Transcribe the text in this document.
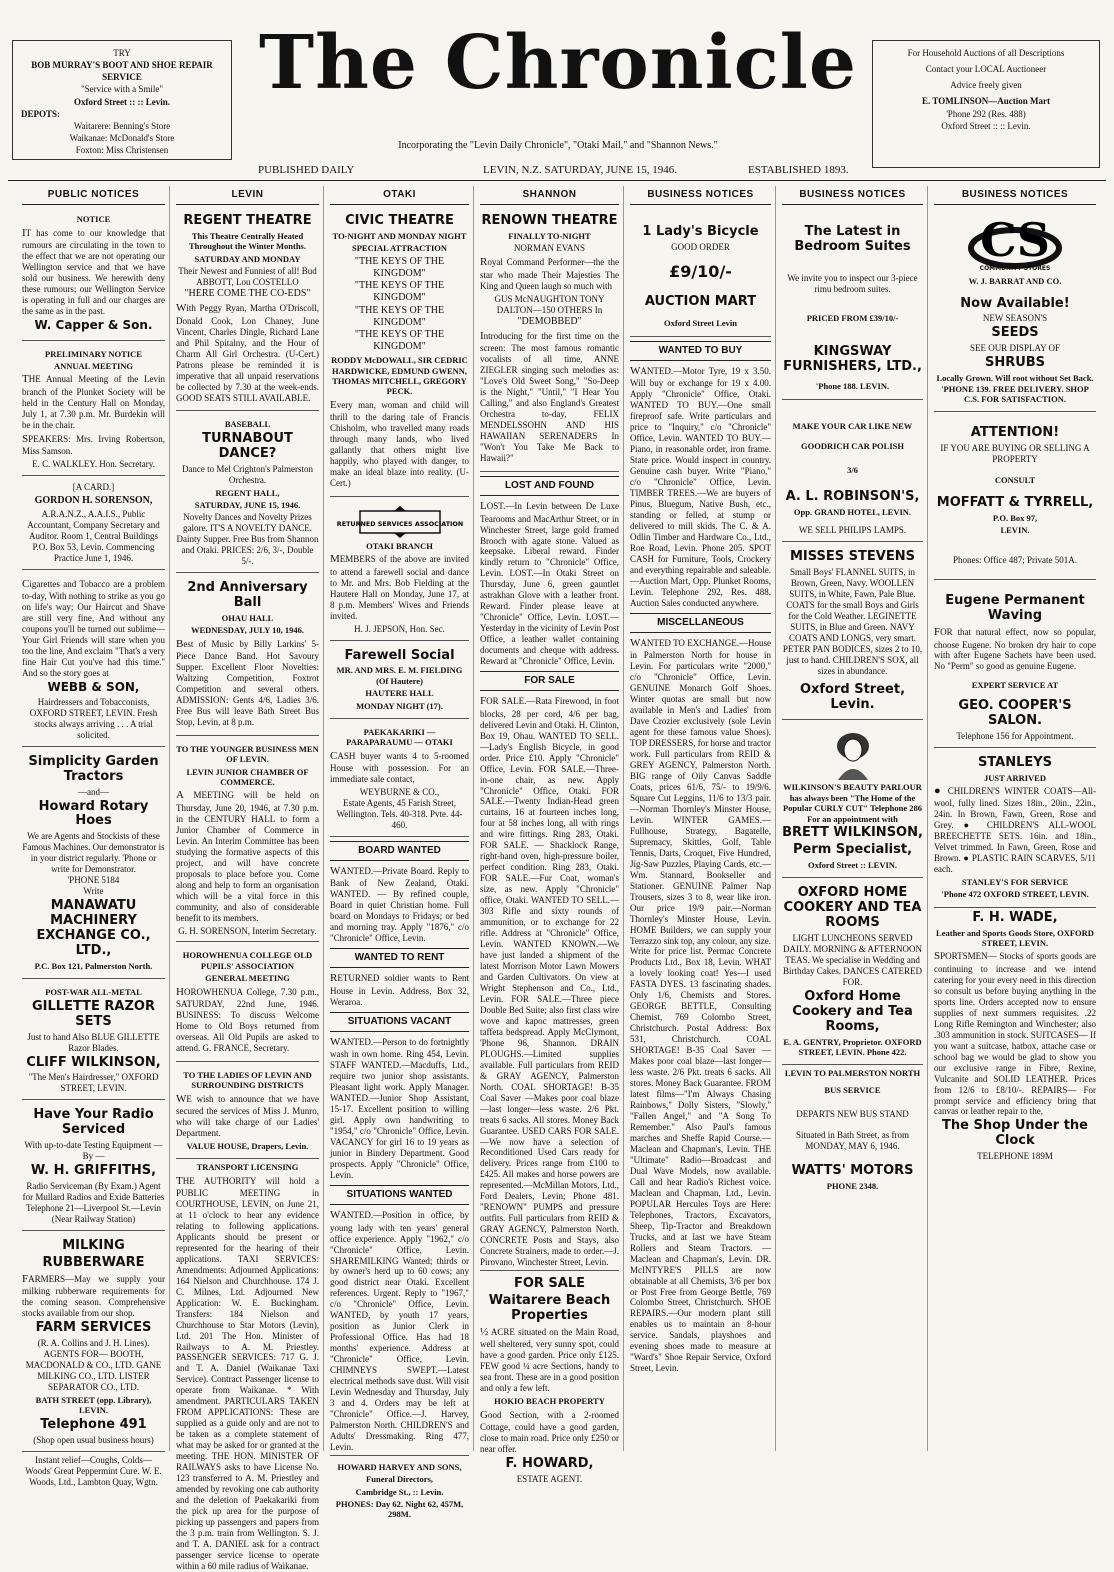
TRY
BOB MURRAY'S BOOT AND SHOE REPAIR SERVICE
"Service with a Smile"
Oxford Street :: :: Levin.
DEPOTS:
Waitarere: Benning's Store
Waikanae: McDonald's Store
Foxton: Miss Christensen
The Chronicle
Incorporating the "Levin Daily Chronicle", "Otaki Mail," and "Shannon News."
PUBLISHED DAILY	LEVIN, N.Z. SATURDAY, JUNE 15, 1946.	ESTABLISHED 1893.
For Household Auctions of all Descriptions
Contact your LOCAL Auctioneer
Advice freely given
E. TOMLINSON—Auction Mart
'Phone 292 (Res. 488)
Oxford Street :: :: Levin.
PUBLIC NOTICES
NOTICE
IT has come to our knowledge that rumours are circulating in the town to the effect that we are not operating our Wellington service and that we have sold our business. We herewith deny these rumours; our Wellington Service is operating in full and our charges are the same as in the past.
W. Capper & Son.
PRELIMINARY NOTICE
ANNUAL MEETING
THE Annual Meeting of the Levin branch of the Plunket Society will be held in the Century Hall on Monday, July 1, at 7.30 p.m. Mr. Burdekin will be in the chair.
SPEAKERS: Mrs. Irving Robertson, Miss Samson.
E. C. WALKLEY. Hon. Secretary.
[A CARD.]
GORDON H. SORENSON,
A.R.A.N.Z., A.A.I.S., Public Accountant, Company Secretary and Auditor. Room 1, Central Buildings P.O. Box 53, Levin. Commencing Practice June 1, 1946.
Cigarettes and Tobacco are a problem to-day, With nothing to strike as you go on life's way; Our Haircut and Shave are still very fine, And without any coupons you'll be turned out sublime— Your Girl Friends will stare when you too the line, And exclaim "That's a very fine Hair Cut you've had this time." And so the story goes at
WEBB & SON,
Hairdressers and Tobacconists, OXFORD STREET, LEVIN. Fresh stocks always arriving . . . A trial solicited.
Simplicity Garden Tractors
—and—
Howard Rotary Hoes
We are Agents and Stockists of these Famous Machines. Our demonstrator is in your district regularly. 'Phone or write for Demonstrator.
'PHONE 5184
Write
MANAWATU MACHINERY EXCHANGE CO., LTD.,
P.C. Box 121, Palmerston North.
POST-WAR ALL-METAL
GILLETTE RAZOR SETS
Just to hand Also BLUE GILLETTE Razor Blades.
CLIFF WILKINSON,
"The Men's Hairdresser," OXFORD STREET, LEVIN.
Have Your Radio Serviced
With up-to-date Testing Equipment — By —
W. H. GRIFFITHS,
Radio Serviceman (By Exam.) Agent for Mullard Radios and Exide Batteries Telephone 21—Liverpool St.—Levin (Near Railway Station)
MILKING
RUBBERWARE
FARMERS—May we supply your milking rubberware requirements for the coming season. Comprehensive stocks available from our shop.
FARM SERVICES
(R. A. Collins and J. H. Lines).
AGENTS FOR— BOOTH, MACDONALD & CO., LTD. GANE MILKING CO., LTD. LISTER SEPARATOR CO., LTD.
BATH STREET (opp. Library), LEVIN.
Telephone 491
(Shop open usual business hours)
Instant relief—Coughs, Colds— Woods' Great Peppermint Cure. W. E. Woods, Ltd., Lambton Quay, Wgtn.
LEVIN
REGENT THEATRE
This Theatre Centrally Heated Throughout the Winter Months.
SATURDAY AND MONDAY
Their Newest and Funniest of all! Bud ABBOTT, Lou COSTELLO
"HERE COME THE CO-EDS"
With Peggy Ryan, Martha O'Driscoll, Donald Cook, Lon Chaney, June Vincent, Charles Dingle, Richard Lane and Phil Spitalny, and the Hour of Charm All Girl Orchestra. (U-Cert.) Patrons please be reminded it is imperative that all unpaid reservations be collected by 7.30 at the week-ends. GOOD SEATS STILL AVAILABLE.
BASEBALL
TURNABOUT DANCE?
Dance to Mel Crighton's Palmerston Orchestra.
REGENT HALL,
SATURDAY, JUNE 15, 1946.
Novelty Dances and Novelty Prizes galore. IT'S A NOVELTY DANCE. Dainty Supper. Free Bus from Shannon and Otaki. PRICES: 2/6, 3/-, Double 5/-.
2nd Anniversary Ball
OHAU HALL
WEDNESDAY, JULY 10, 1946.
Best of Music by Billy Larkins' 5-Piece Dance Band. Hot Savoury Supper. Excellent Floor Novelties: Waltzing Competition, Foxtrot Competition and several others. ADMISSION: Gents 4/6, Ladies 3/6. Free Bus will leave Bath Street Bus Stop, Levin, at 8 p.m.
TO THE YOUNGER BUSINESS MEN OF LEVIN.
LEVIN JUNIOR CHAMBER OF COMMERCE.
A MEETING will be held on Thursday, June 20, 1946, at 7.30 p.m. in the CENTURY HALL to form a Junior Chamber of Commerce in Levin. An Interim Committee has been studying the formative aspects of this project, and will have concrete proposals to place before you. Come along and help to form an organisation which will be a vital force in this community, and also of considerable benefit to its members.
G. H. SORENSON, Interim Secretary.
HOROWHENUA COLLEGE OLD PUPILS' ASSOCIATION
GENERAL MEETING
HOROWHENUA College, 7.30 p.m., SATURDAY, 22nd June, 1946. BUSINESS: To discuss Welcome Home to Old Boys returned from overseas. All Old Pupils are asked to attend. G. FRANCE, Secretary.
TO THE LADIES OF LEVIN AND SURROUNDING DISTRICTS
WE wish to announce that we have secured the services of Miss J. Munro, who will take charge of our Ladies' Department.
VALUE HOUSE, Drapers, Levin.
TRANSPORT LICENSING
THE AUTHORITY will hold a PUBLIC MEETING in COURTHOUSE, LEVIN, on June 21, at 11 o'clock to hear any evidence relating to following applications. Applicants should be present or represented for the hearing of their applications. TAXI SERVICES: Amendments: Adjourned Applications: 164 Nielson and Churchhouse. 174 J. C. Milnes, Ltd. Adjourned New Application: W. E. Buckingham. Transfers: 184 Nielson and Churchhouse to Star Motors (Levin), Ltd. 201 The Hon. Minister of Railways to A. M. Priestley. PASSENGER SERVICES: 717 G. J. and T. A. Daniel (Waikanae Taxi Service). Contract Passenger license to operate from Waikanae. * With amendment. PARTICULARS TAKEN FROM APPLICATIONS: These are supplied as a guide only and are not to be taken as a complete statement of what may be asked for or granted at the meeting. THE HON. MINISTER OF RAILWAYS asks to have License No. 123 transferred to A. M. Priestley and amended by revoking one cab authority and the deletion of Paekakariki from the pick up area for the purpose of picking up passengers and papers from the 3 p.m. train from Wellington. S. J. and T. A. DANIEL ask for a contract passenger service license to operate within a 60 mile radius of Waikanae.
OTAKI
CIVIC THEATRE
TO-NIGHT AND MONDAY NIGHT
SPECIAL ATTRACTION
"THE KEYS OF THE KINGDOM"
"THE KEYS OF THE KINGDOM"
"THE KEYS OF THE KINGDOM"
"THE KEYS OF THE KINGDOM"
RODDY McDOWALL, SIR CEDRIC HARDWICKE, EDMUND GWENN, THOMAS MITCHELL, GREGORY PECK.
Every man, woman and child will thrill to the daring tale of Francis Chisholm, who travelled many roads through many lands, who lived gallantly that others might live happily, who played with danger, to make an ideal blaze into reality. (U-Cert.)
RETURNED SERVICES ASSOCIATION
OTAKI BRANCH
MEMBERS of the above are invited to attend a farewell social and dance to Mr. and Mrs. Bob Fielding at the Hautere Hall on Monday, June 17, at 8 p.m. Members' Wives and Friends invited.
H. J. JEPSON, Hon. Sec.
Farewell Social
MR. AND MRS. E. M. FIELDING (Of Hautere)
HAUTERE HALL
MONDAY NIGHT (17).
PAEKAKARIKI — PARAPARAUMU — OTAKI
CASH buyer wants 4 to 5-roomed House with possession. For an immediate sale contact,
WEYBURNE & CO.,
Estate Agents, 45 Farish Street, Wellington. Tels. 40-318. Pvte. 44-460.
BOARD WANTED
WANTED.—Private Board. Reply to Bank of New Zealand, Otaki. WANTED. — By refined couple, Board in quiet Christian home. Full board on Mondays to Fridays; or bed and morning tray. Apply "1876," c/o "Chronicle" Office, Levin.
WANTED TO RENT
RETURNED soldier wants to Rent House in Levin. Address, Box 32, Weraroa.
SITUATIONS VACANT
WANTED.—Person to do fortnightly wash in own home. Ring 454, Levin. STAFF WANTED.—Macduffs, Ltd., require two junior shop assistants. Pleasant light work. Apply Manager. WANTED.—Junior Shop Assistant, 15-17. Excellent position to willing girl. Apply own handwriting to "1954," c/o "Chronicle" Office, Levin. VACANCY for girl 16 to 19 years as junior in Bindery Department. Good prospects. Apply "Chronicle" Office, Levin.
SITUATIONS WANTED
WANTED.—Position in office, by young lady with ten years' general office experience. Apply "1962," c/o "Chronicle" Office, Levin. SHAREMILKING Wanted; thirds or by owner's herd up to 60 cows; any good district near Otaki. Excellent references. Urgent. Reply to "1967," c/o "Chronicle" Office, Levin. WANTED, by youth 17 years, position as Junior Clerk in Professional Office. Has had 18 months' experience. Address at "Chronicle" Office, Levin. CHIMNEYS SWEPT.—Latest electrical methods save dust. Will visit Levin Wednesday and Thursday, July 3 and 4. Orders may be left at "Chronicle" Office.—J. Harvey, Palmerston North. CHILDREN'S and Adults' Dressmaking. Ring 477, Levin.
HOWARD HARVEY AND SONS,
Funeral Directors,
Cambridge St., :: Levin.
PHONES: Day 62. Night 62, 457M, 298M.
SHANNON
RENOWN THEATRE
FINALLY TO-NIGHT
NORMAN EVANS
Royal Command Performer—the the star who made Their Majesties The King and Queen laugh so much with
GUS McNAUGHTON TONY DALTON—150 OTHERS In
"DEMOBBED"
Introducing for the first time on the screen: The most famous romantic vocalists of all time, ANNE ZIEGLER singing such melodies as: "Love's Old Sweet Song," "So-Deep is the Night," "Until," "I Hear You Calling," and also England's Greatest Orchestra to-day, FELIX MENDELSSOHN AND HIS HAWAIIAN SERENADERS In "Won't You Take Me Back to Hawaii?"
LOST AND FOUND
LOST.—In Levin between De Luxe Tearooms and MacArthur Street, or in Winchester Street, large gold framed Brooch with agate stone. Valued as keepsake. Liberal reward. Finder kindly return to "Chronicle" Office, Levin. LOST.—In Otaki Street on Thursday, June 6, green gauntlet astrakhan Glove with a leather front. Reward. Finder please leave at "Chronicle" Office, Levin. LOST.—Yesterday in the vicinity of Levin Post Office, a leather wallet containing documents and cheque with address. Reward at "Chronicle" Office, Levin.
FOR SALE
FOR SALE.—Rata Firewood, in foot blocks, 28 per cord, 4/6 per bag, delivered Levin and Otaki. H. Clinton, Box 19, Ohau. WANTED TO SELL.—Lady's English Bicycle, in good order. Price £10. Apply "Chronicle" Office, Levin. FOR SALE.—Three-in-one chair, as new. Apply "Chronicle" Office, Otaki. FOR SALE.—Twenty Indian-Head green curtains, 16 at fourteen inches long, four at 58 inches long, all with rings and wire fittings. Ring 283, Otaki. FOR SALE. — Shacklock Range, right-hand oven, high-pressure boiler, perfect condition. Ring 283, Otaki. FOR SALE.—Fur Coat, woman's size, as new. Apply "Chronicle" office, Otaki. WANTED TO SELL.— 303 Rifle and sixty rounds of ammunition, or to exchange for 22 rifle. Address at "Chronicle" Office, Levin. WANTED KNOWN.—We have just landed a shipment of the latest Morrison Motor Lawn Mowers and Garden Cultivators. On view at Wright Stephenson and Co., Ltd., Levin. FOR SALE.—Three piece Double Bed Suite; also first class wire wove and kapoc mattresses, green taffeta bedspread. Apply McClymont, 'Phone 96, Shannon. DRAIN PLOUGHS.—Limited supplies available. Full particulars from REID & GRAY AGENCY, Palmerston North. COAL SHORTAGE! B-35 Coal Saver —Makes poor coal blaze—last longer—less waste. 2/6 Pkt. treats 6 sacks. All stores. Money Back Guarantee. USED CARS FOR SALE.—We now have a selection of Reconditioned Used Cars ready for delivery. Prices range from £100 to £425. All makes and horse powers are represented.—McMillan Motors, Ltd., Ford Dealers, Levin; Phone 481. "RENOWN" PUMPS and pressure outfits. Full particulars from REID & GRAY AGENCY, Palmerston North. CONCRETE Posts and Stays, also Concrete Strainers, made to order.—J. Pirovano, Winchester Street, Levin.
FOR SALE
Waitarere Beach Properties
½ ACRE situated on the Main Road, well sheltered, very sunny spot, could have a good garden. Price only £125. FEW good ¼ acre Sections, handy to sea front. These are in a good position and only a few left.
HOKIO BEACH PROPERTY
Good Section, with a 2-roomed Cottage, could have a good garden, close to main road. Price only £250 or near offer.
F. HOWARD,
ESTATE AGENT.
BUSINESS NOTICES
1 Lady's Bicycle
GOOD ORDER
£9/10/-
AUCTION MART
Oxford Street Levin
WANTED TO BUY
WANTED.—Motor Tyre, 19 x 3.50. Will buy or exchange for 19 x 4.00. Apply "Chronicle" Office, Otaki. WANTED TO BUY.—One small fireproof safe. Write particulars and price to "Inquiry," c/o "Chronicle" Office, Levin. WANTED TO BUY.—Piano, in reasonable order, iron frame. State price. Would inspect in country. Genuine cash buyer. Write "Piano," c/o "Chronicle" Office, Levin. TIMBER TREES.—We are buyers of Pinus, Bluegum, Native Bush, etc., standing or felled, at stump or delivered to mill skids. The C. & A. Odlin Timber and Hardware Co., Ltd., Roe Road, Levin. Phone 205. SPOT CASH for Furniture, Tools, Crockery and everything repairable and saleable.—Auction Mart, Opp. Plunket Rooms, Levin. Telephone 292, Res. 488. Auction Sales conducted anywhere.
MISCELLANEOUS
WANTED TO EXCHANGE.—House in Palmerston North for house in Levin. For particulars write "2000," c/o "Chronicle" Office, Levin. GENUINE Monarch Golf Shoes. Winter quotas are small but now available in Men's and Ladies' from Dave Crozier exclusively (sole Levin agent for these famous value Shoes). TOP DRESSERS, for horse and tractor work. Full particulars from REID & GREY AGENCY, Palmerston North. BIG range of Oily Canvas Saddle Coats, prices 61/6, 75/- to 19/9/6. Square Cut Leggins, 11/6 to 13/3 pair.—Norman Thornley's Minster House, Levin. WINTER GAMES.—Fullhouse, Strategy, Bagatelle, Supremacy, Skittles, Golf, Table Tennis, Darts, Croquet, Five Hundred, Jig-Saw Puzzles, Playing Cards, etc.—Wm. Stannard, Bookseller and Stationer. GENUINE Palmer Nap Trousers, sizes 3 to 8, wear like iron. Our price 19/9 pair.—Norman Thornley's Minster House, Levin. HOME Builders, we can supply your Terrazzo sink top, any colour, any size. Write for price list. Permac Concrete Products Ltd., Box 18, Levin. WHAT a lovely looking coat! Yes—I used FASTA DYES. 13 fascinating shades. Only 1/6, Chemists and Stores. GEORGE BETTLE, Consulting Chemist, 769 Colombo Street, Christchurch. Postal Address: Box 531, Christchurch. COAL SHORTAGE! B-35 Coal Saver —Makes poor coal blaze—last longer—less waste. 2/6 Pkt. treats 6 sacks. All stores. Money Back Guarantee. FROM latest films—"I'm Always Chasing Rainbows," Dolly Sisters, "Slowly," "Fallen Angel," and "A Song To Remember." Also Paul's famous marches and Sheffe Rapid Course.—Maclean and Chapman's, Levin. THE "Ultimate" Radio—Broadcast and Dual Wave Models, now available. Call and hear Radio's Richest voice. Maclean and Chapman, Ltd., Levin. POPULAR Hercules Toys are Here: Telephones, Tractors, Excavators, Sheep, Tip-Tractor and Breakdown Trucks, and at last we have Steam Rollers and Steam Tractors. —Maclean and Chapman's, Levin. DR. McINTYRE'S PILLS are now obtainable at all Chemists, 3/6 per box or Post Free from George Bettle, 769 Colombo Street, Christchurch. SHOE REPAIRS.—Our modern plant still enables us to maintain an 8-hour service. Sandals, playshoes and evening shoes made to measure at "Ward's" Shoe Repair Service, Oxford Street, Levin.
BUSINESS NOTICES
The Latest in Bedroom Suites
We invite you to inspect our 3-piece rimu bedroom suites.
PRICED FROM £39/10/-
KINGSWAY FURNISHERS, LTD.,
'Phone 188. LEVIN.
MAKE YOUR CAR LIKE NEW
GOODRICH CAR POLISH
3/6
A. L. ROBINSON'S,
Opp. GRAND HOTEL, LEVIN.
WE SELL PHILIPS LAMPS.
MISSES STEVENS
Small Boys' FLANNEL SUITS, in Brown, Green, Navy. WOOLLEN SUITS, in White, Fawn, Pale Blue. COATS for the small Boys and Girls for the Cold Weather. LEGINETTE SUITS, in Blue and Green. NAVY COATS AND LONGS, very smart. PETER PAN BODICES, sizes 2 to 10, just to hand. CHILDREN'S SOX, all sizes in abundance.
Oxford Street, Levin.
WILKINSON'S BEAUTY PARLOUR has always been "The Home of the Popular CURLY CUT" Telephone 286 For an appointment with
BRETT WILKINSON,
Perm Specialist,
Oxford Street :: LEVIN.
OXFORD HOME COOKERY AND TEA ROOMS
LIGHT LUNCHEONS SERVED DAILY. MORNING & AFTERNOON TEAS. We specialise in Wedding and Birthday Cakes. DANCES CATERED FOR.
Oxford Home Cookery and Tea Rooms,
E. A. GENTRY, Proprietor. OXFORD STREET, LEVIN. Phone 422.
LEVIN TO PALMERSTON NORTH
BUS SERVICE
DEPARTS NEW BUS STAND
Situated in Bath Street, as from
MONDAY, MAY 6, 1946.
WATTS' MOTORS
PHONE 2348.
BUSINESS NOTICES
CS
COMMUNITY STORES
W. J. BARRAT AND CO.
Now Available!
NEW SEASON'S
SEEDS
SEE OUR DISPLAY OF
SHRUBS
Locally Grown. Will root without Set Back. 'PHONE 139. FREE DELIVERY. SHOP C.S. FOR SATISFACTION.
ATTENTION!
IF YOU ARE BUYING OR SELLING A PROPERTY
CONSULT
MOFFATT & TYRRELL,
P.O. Box 97,
LEVIN.
Phones: Office 487; Private 501A.
Eugene Permanent Waving
FOR that natural effect, now so popular, choose Eugene. No broken dry hair to cope with after Eugene Sachets have been used. No "Perm" so good as genuine Eugene.
EXPERT SERVICE AT
GEO. COOPER'S SALON.
Telephone 156 for Appointment.
STANLEYS
JUST ARRIVED
● CHILDREN'S WINTER COATS—All-wool, fully lined. Sizes 18in., 20in., 22in., 24in. In Brown, Fawn, Green, Rose and Grey. ● CHILDREN'S ALL-WOOL BREECHETTE SETS. 16in. and 18in., Velvet trimmed. In Fawn, Green, Rose and Brown. ● PLASTIC RAIN SCARVES, 5/11 each.
STANLEY'S FOR SERVICE
'Phone 472 OXFORD STREET, LEVIN.
F. H. WADE,
Leather and Sports Goods Store, OXFORD STREET, LEVIN.
SPORTSMEN— Stocks of sports goods are continuing to increase and we intend catering for your every need in this direction so consult us before buying anything in the sports line. Orders accepted now to ensure supplies of next summers requisites. .22 Long Rifle Remington and Winchester; also .303 ammunition in stock. SUITCASES— If you want a suitcase, hatbox, attache case or school bag we would be glad to show you our exclusive range in Fibre, Rexine, Vulcanite and SOLID LEATHER. Prices from 12/6 to £8/10/-. REPAIRS— For prompt service and efficiency bring that canvas or leather repair to the,
The Shop Under the Clock
TELEPHONE 189M
